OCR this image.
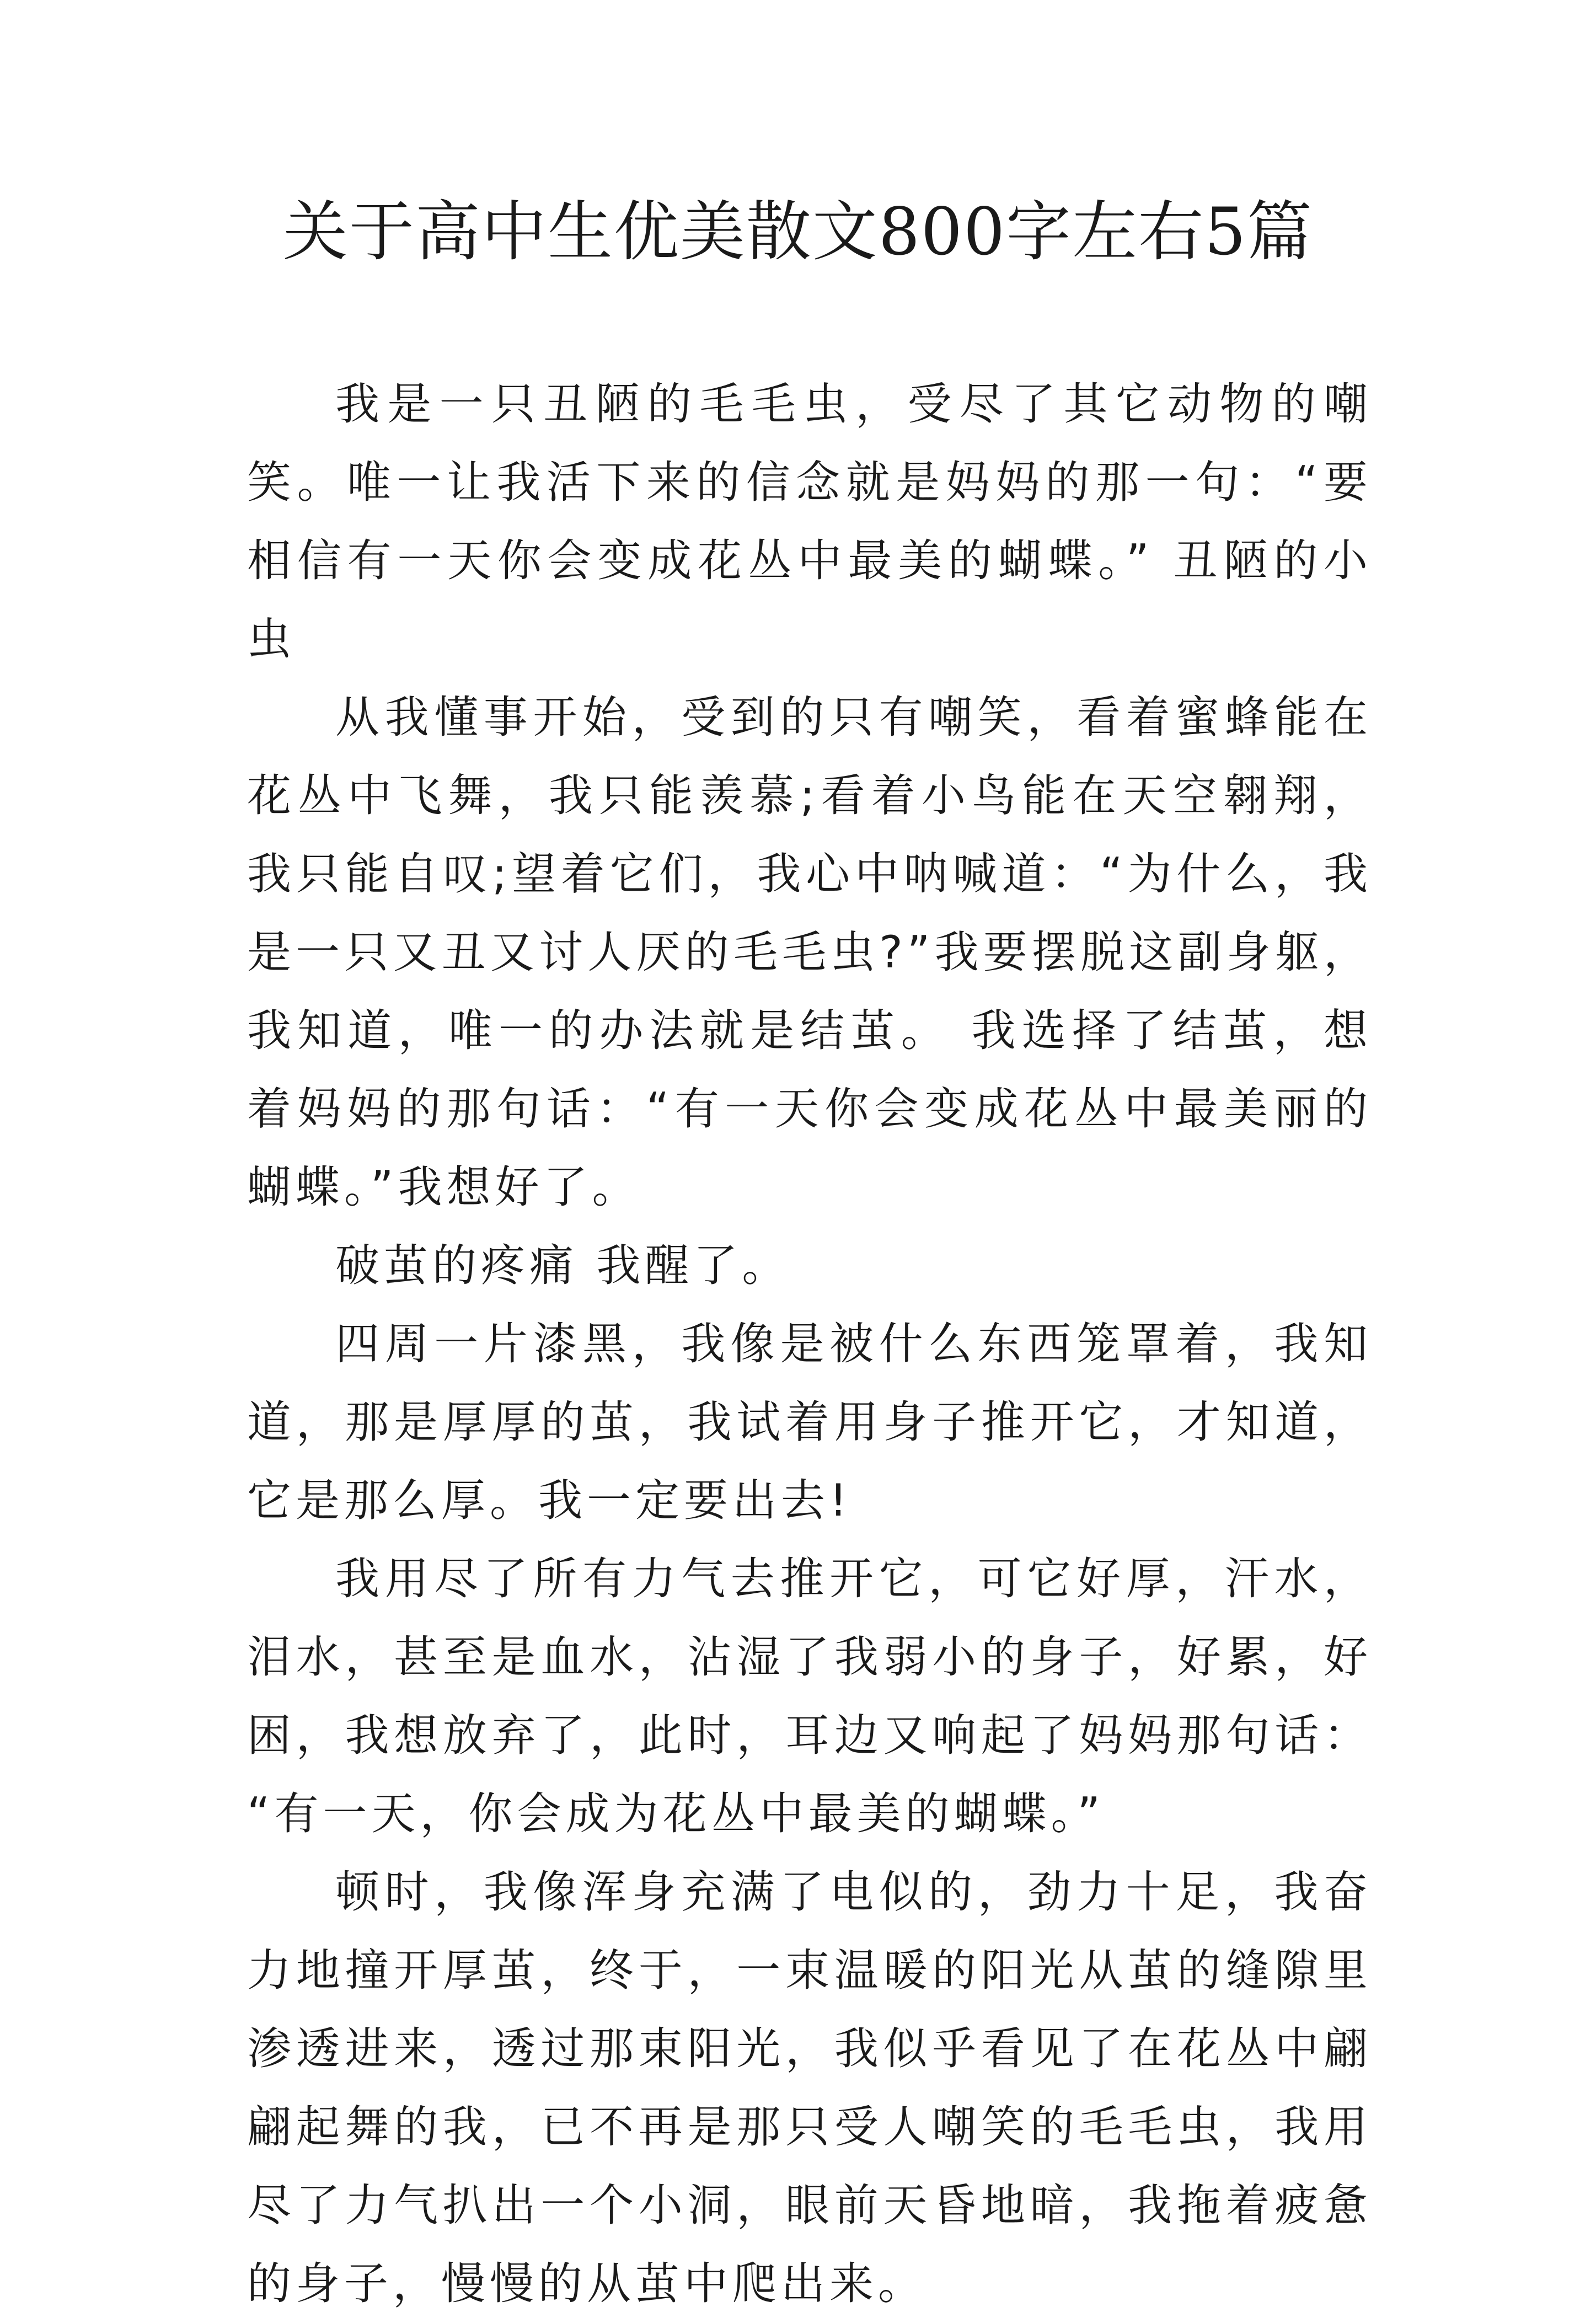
关于高中生优美散文800字左右5篇

我是一只丑陋的毛毛虫，受尽了其它动物的嘲笑。唯一让我活下来的信念就是妈妈的那一句：“要相信有一天你会变成花丛中最美的蝴蝶。” 丑陋的小虫

从我懂事开始，受到的只有嘲笑，看着蜜蜂能在花丛中飞舞，我只能羡慕;看着小鸟能在天空翱翔，我只能自叹;望着它们，我心中呐喊道：“为什么，我是一只又丑又讨人厌的毛毛虫?”我要摆脱这副身躯，我知道，唯一的办法就是结茧。 我选择了结茧，想着妈妈的那句话：“有一天你会变成花丛中最美丽的蝴蝶。”我想好了。

破茧的疼痛 我醒了。

四周一片漆黑，我像是被什么东西笼罩着，我知道，那是厚厚的茧，我试着用身子推开它，才知道，它是那么厚。我一定要出去!

我用尽了所有力气去推开它，可它好厚，汗水，泪水，甚至是血水，沾湿了我弱小的身子，好累，好困，我想放弃了，此时，耳边又响起了妈妈那句话： “有一天，你会成为花丛中最美的蝴蝶。”

顿时，我像浑身充满了电似的，劲力十足，我奋力地撞开厚茧，终于，一束温暖的阳光从茧的缝隙里渗透进来，透过那束阳光，我似乎看见了在花丛中翩翩起舞的我，已不再是那只受人嘲笑的毛毛虫，我用尽了力气扒出一个小洞，眼前天昏地暗，我拖着疲惫的身子，慢慢的从茧中爬出来。
